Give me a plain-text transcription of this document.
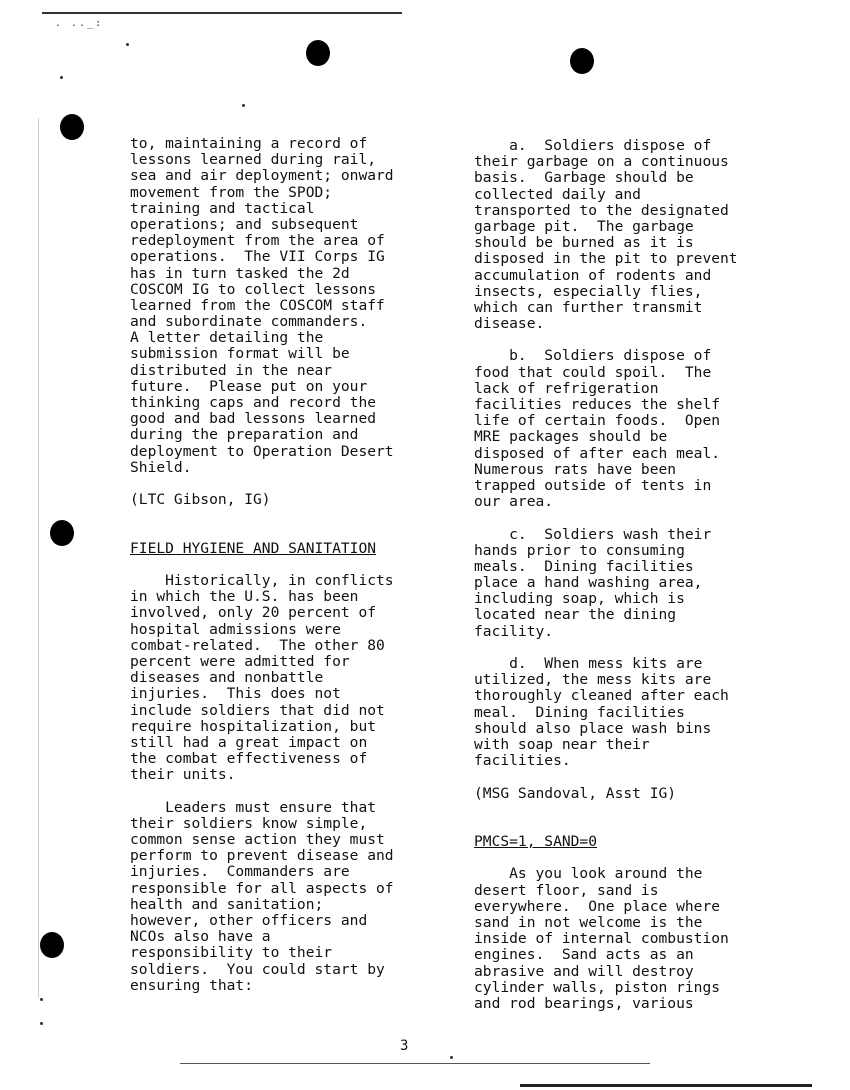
. .._:
to, maintaining a record of
lessons learned during rail,
sea and air deployment; onward
movement from the SPOD;
training and tactical
operations; and subsequent
redeployment from the area of
operations.  The VII Corps IG
has in turn tasked the 2d
COSCOM IG to collect lessons
learned from the COSCOM staff
and subordinate commanders.
A letter detailing the
submission format will be
distributed in the near
future.  Please put on your
thinking caps and record the
good and bad lessons learned
during the preparation and
deployment to Operation Desert
Shield.
(LTC Gibson, IG)
FIELD HYGIENE AND SANITATION
Historically, in conflicts
in which the U.S. has been
involved, only 20 percent of
hospital admissions were
combat-related.  The other 80
percent were admitted for
diseases and nonbattle
injuries.  This does not
include soldiers that did not
require hospitalization, but
still had a great impact on
the combat effectiveness of
their units.
Leaders must ensure that
their soldiers know simple,
common sense action they must
perform to prevent disease and
injuries.  Commanders are
responsible for all aspects of
health and sanitation;
however, other officers and
NCOs also have a
responsibility to their
soldiers.  You could start by
ensuring that:
a.  Soldiers dispose of
their garbage on a continuous
basis.  Garbage should be
collected daily and
transported to the designated
garbage pit.  The garbage
should be burned as it is
disposed in the pit to prevent
accumulation of rodents and
insects, especially flies,
which can further transmit
disease.
b.  Soldiers dispose of
food that could spoil.  The
lack of refrigeration
facilities reduces the shelf
life of certain foods.  Open
MRE packages should be
disposed of after each meal.
Numerous rats have been
trapped outside of tents in
our area.
c.  Soldiers wash their
hands prior to consuming
meals.  Dining facilities
place a hand washing area,
including soap, which is
located near the dining
facility.
d.  When mess kits are
utilized, the mess kits are
thoroughly cleaned after each
meal.  Dining facilities
should also place wash bins
with soap near their
facilities.
(MSG Sandoval, Asst IG)
PMCS=1, SAND=0
As you look around the
desert floor, sand is
everywhere.  One place where
sand in not welcome is the
inside of internal combustion
engines.  Sand acts as an
abrasive and will destroy
cylinder walls, piston rings
and rod bearings, various
3
